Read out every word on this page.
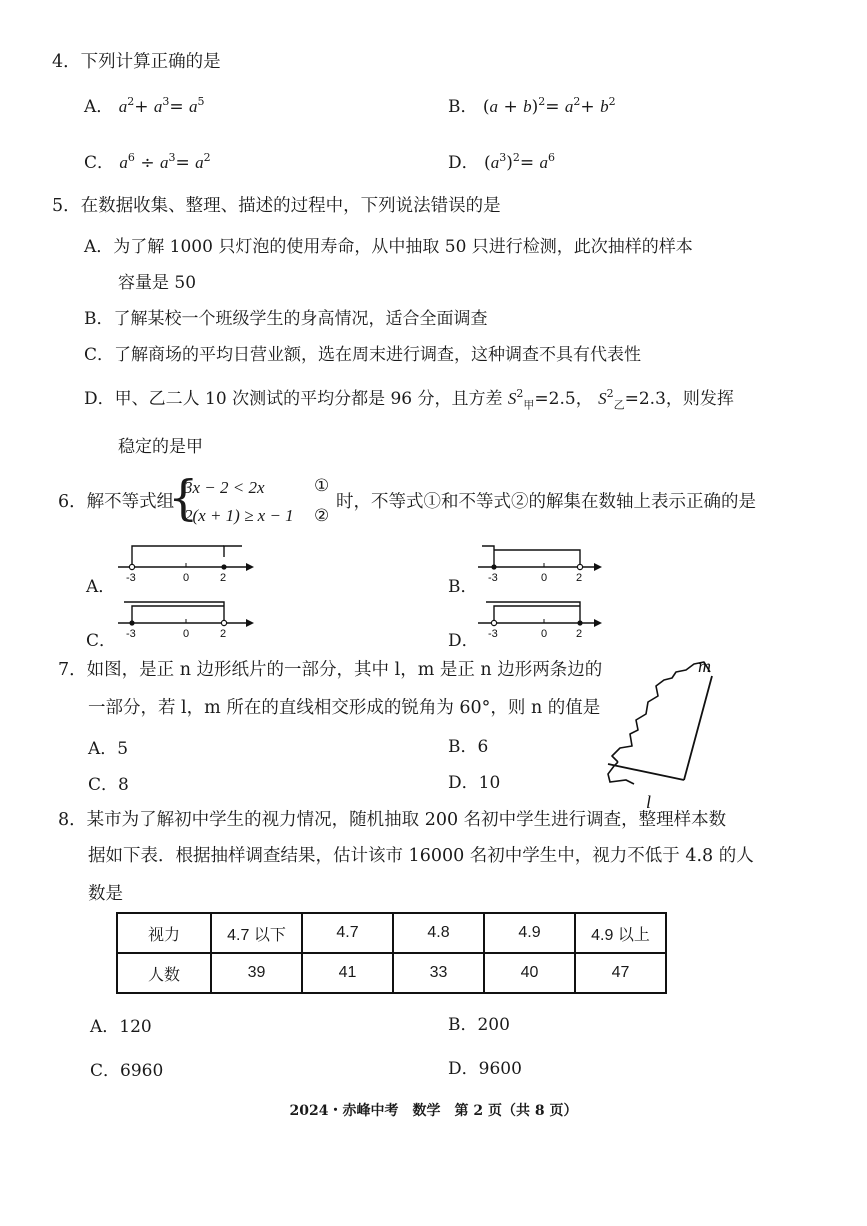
4．下列计算正确的是
A． $a^2+ a^3= a^5$	B． $(a + b)^2= a^2+ b^2$
C． $a^6 \div a^3= a^2$	D． $(a^3)^2= a^6$
5．在数据收集、整理、描述的过程中，下列说法错误的是
A．为了解 1000 只灯泡的使用寿命，从中抽取 50 只进行检测，此次抽样的样本
容量是 50
B．了解某校一个班级学生的身高情况，适合全面调查
C．了解商场的平均日营业额，选在周末进行调查，这种调查不具有代表性
D．甲、乙二人 10 次测试的平均分都是 96 分，且方差 $S^2_甲=2.5$， $S^2_乙=2.3$，则发挥
稳定的是甲
6．解不等式组
{
3x − 2 < 2x
2(x + 1) ≥ x − 1
①
②
时，不等式①和不等式②的解集在数轴上表示正确的是
A．	B．
C．	D．
-3	0	2	-3	0	2
-3	0	2	-3	0	2
7．如图，是正 n 边形纸片的一部分，其中 l，m 是正 n 边形两条边的
一部分，若 l，m 所在的直线相交形成的锐角为 60°，则 n 的值是
A．5	B．6
C．8	D．10
m
l
8．某市为了解初中学生的视力情况，随机抽取 200 名初中学生进行调查，整理样本数
据如下表．根据抽样调查结果，估计该市 16000 名初中学生中，视力不低于 4.8 的人
数是
视力	4.7 以下	4.7	4.8	4.9	4.9 以上
人数	39	41	33	40	47
A．120	B．200
C．6960	D．9600
2024・赤峰中考　数学　第 2 页（共 8 页）
